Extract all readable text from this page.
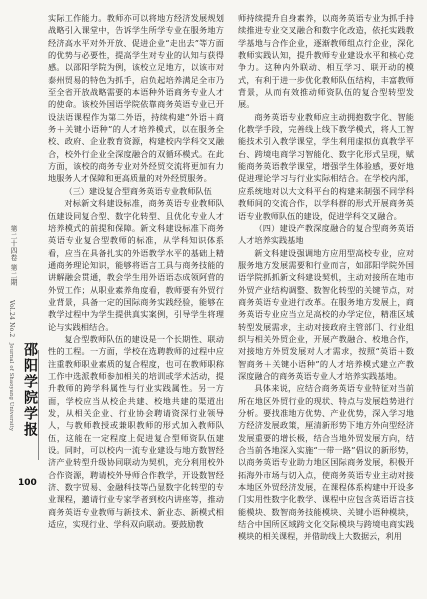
第二十四卷 第二期
Vol.24 No.2
邵阳学院学报
Journal of Shaoyang University
100

实际工作能力。教师亦可以将地方经济发展规划战略引入课堂中，告诉学生所学专业在服务地方经济高水平对外开放、促进企业“走出去”等方面的优势与必要性，提高学生对专业的认知与获得感。以邵阳学院为例，该校立足地方，以该市对泰州贸易的特色为抓手，启负起培养满足全市乃至全省开放战略需要的本语种外语商务专业人才的使命。该校外国语学院依靠商务英语专业已开设法语课程作为第二外语，持续构建“外语＋商务＋关键小语种”的人才培养模式，以在服务全校、政府、企业教育资源，构建校内学科交叉融合，校外行企业全深度融合的双循环模式。在此方面，该校的商务专业对外经贸交流将更加有力地服务人才保障和更高质量的对外经贸服务。

（三）建设复合型商务英语专业教师队伍

对标新文科建设标准，商务英语专业教师队伍建设同复合型、数字化转型、且优化专业人才培养模式的前提和保障。新文科建设标准下商务英语专业复合型教师的标准，从学科知识体系看，应当在具备扎实的外语教学水平的基础上精通商务理论知识，能够将语言工具与商务技能的讲解融会贯通，教会学生用外语语态成领阿营的外贸工作；从职业素养角度看，教师要有外贸行业背景，具备一定的国际商务实践经验，能够在教学过程中为学生提供真实案例，引导学生将理论与实践相结合。

复合型教师队伍的建设是一个长期性、联动性的工程。一方面，学校在选聘教师的过程中应注重教师职业素质的复合程度，也可在教师职称工作中选派教师参加相关的培训或学术活动，提升教师的跨学科属性与行业实践属性。另一方面，学校应当从校企共建、校地共建的渠道出发，从相关企业、行业协会聘请资深行业领导人，与教师教授或兼职教师的形式加入教师队伍，这能在一定程度上促进复合型师资队伍建设。同时，可以校内一流专业建设与地方数智经济产业转型升级协同联动为契机，充分利用校外合作资源，聘请校外导师合作教学，开设数智经济、数字贸易、金融科技等凸显数字化转型的专业课程，邀请行业专家学者到校内讲座等，推动商务英语专业教师与新技术、新业态、新模式相适应，实现行业、学科双向联动。要鼓励教

师持续提升自身素养，以商务英语专业为抓手持续推进专业交叉融合和数字化改造，依托实践教学基地与合作企业，逐渐教师组点行企业，深化教师实践认知，提升教师专业建设水平和核心竞争力。这种内外联动、相互学习、联开动的模式，有利于进一步优化教师队伍结构，丰富教师背景，从而有效推动师资队伍的复合型转型发展。

商务英语专业教师应主动拥抱数字化、智能化教学手段，完善线上线下教学模式，将人工智能技术引入教学课堂，学生利用虚拟仿真教学平台、跨境电商学习智能化、数字化形式呈现，赋能商务英语教学课堂，增强学生体验感，要好地促进理论学习与行业实际相结合。在学校内部，应系统地对以大文科平台的构建来制强不同学科教师间的交流合作，以学科群的形式开展商务英语专业教师队伍的建设，促进学科交叉融合。

（四）建设产教深度融合的复合型商务英语人才培养实践基地

新文科建设强调地方应用型高校专业，应对服务地方发展需要和行业而言，如邵阳学院外国语学院抓抓新文科建设契机，主动对接所在地市外贸产业结构调整、数智化转型的关键节点，对商务英语专业进行改革。在服务地方发展上，商务英语专业应当立足高校的办学定位，精准区域转型发展需求，主动对接政府主管部门、行业组织与相关外贸企业，开展产教融合、校地合作，对接地方外贸发展对人才需求，按照“英语＋数智商务＋关键小语种”的人才培养模式建立产教深度融合的商务英语专业人才培养实践基地。

具体来说，应结合商务英语专业特征对当前所在地区外贸行业的现状、特点与发展趋势进行分析。要找准地方优势、产业优势，深入学习地方经济发展政策，厘清新形势下地方外向型经济发展重要的增长极，结合当地外贸发展方向，结合当前各地深入实施“一带一路”倡议的新形势，以商务英语专业助力地区国际商务发展，积极开拓海外市场与切入点，使商务英语专业主动对接本地区外贸经济发展，在课程体系构建中开设多门实用性数字化教学、课程中应包含英语语言技能模块、数智商务技能模块、关键小语种模块，结合中国所区域跨文化交际模块与跨境电商实践模块的相关课程，并借助线上大数据云，利用
